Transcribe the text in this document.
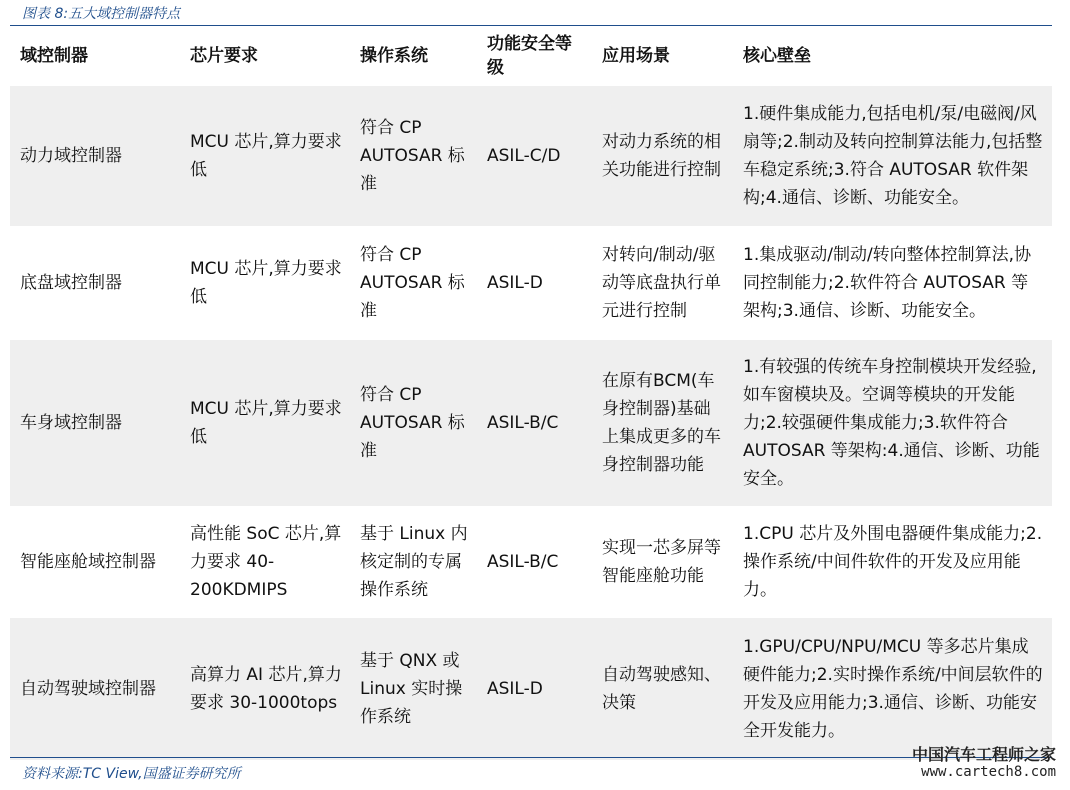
图表 8:五大域控制器特点
域控制器	芯片要求	操作系统	功能安全等级	应用场景	核心壁垒
动力域控制器	MCU 芯片,算力要求低	符合 CP AUTOSAR 标准	ASIL-C/D	对动力系统的相关功能进行控制	1.硬件集成能力,包括电机/泵/电磁阀/风扇等;2.制动及转向控制算法能力,包括整车稳定系统;3.符合 AUTOSAR 软件架构;4.通信、诊断、功能安全。
底盘域控制器	MCU 芯片,算力要求低	符合 CP AUTOSAR 标准	ASIL-D	对转向/制动/驱动等底盘执行单元进行控制	1.集成驱动/制动/转向整体控制算法,协同控制能力;2.软件符合 AUTOSAR 等架构;3.通信、诊断、功能安全。
车身域控制器	MCU 芯片,算力要求低	符合 CP AUTOSAR 标准	ASIL-B/C	在原有BCM(车身控制器)基础上集成更多的车身控制器功能	1.有较强的传统车身控制模块开发经验,如车窗模块及。空调等模块的开发能力;2.较强硬件集成能力;3.软件符合 AUTOSAR 等架构:4.通信、诊断、功能安全。
智能座舱域控制器	高性能 SoC 芯片,算力要求 40-200KDMIPS	基于 Linux 内核定制的专属操作系统	ASIL-B/C	实现一芯多屏等智能座舱功能	1.CPU 芯片及外围电器硬件集成能力;2.操作系统/中间件软件的开发及应用能力。
自动驾驶域控制器	高算力 AI 芯片,算力要求 30-1000tops	基于 QNX 或 Linux 实时操作系统	ASIL-D	自动驾驶感知、决策	1.GPU/CPU/NPU/MCU 等多芯片集成硬件能力;2.实时操作系统/中间层软件的开发及应用能力;3.通信、诊断、功能安全开发能力。
资料来源:TC View,国盛证券研究所
中国汽车工程师之家
www.cartech8.com
